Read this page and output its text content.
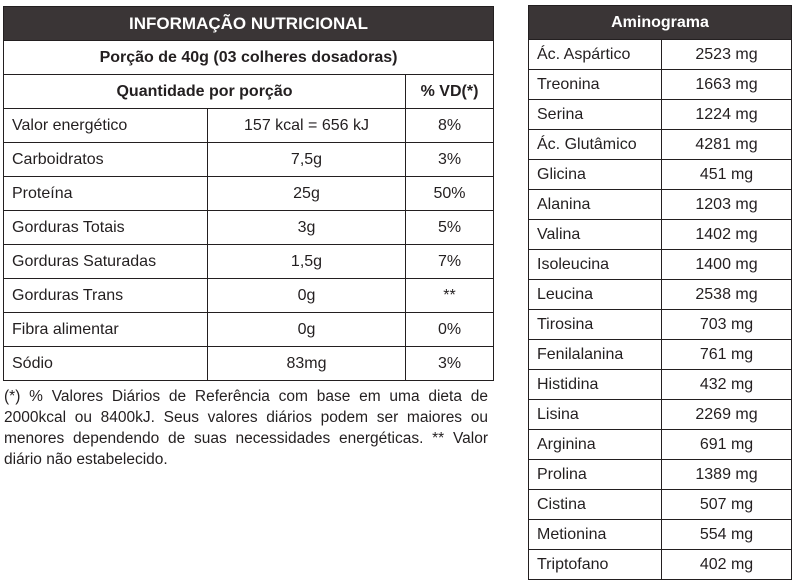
INFORMAÇÃO NUTRICIONAL		
Porção de 40g (03 colheres dosadoras)		
Quantidade por porção		% VD(*)
Valor energético	157 kcal = 656 kJ	8%
Carboidratos	7,5g	3%
Proteína	25g	50%
Gorduras Totais	3g	5%
Gorduras Saturadas	1,5g	7%
Gorduras Trans	0g	**
Fibra alimentar	0g	0%
Sódio	83mg	3%

(*) % Valores Diários de Referência com base em uma dieta de 2000kcal ou 8400kJ. Seus valores diários podem ser maiores ou menores dependendo de suas necessidades energéticas. ** Valor diário não estabelecido.

Aminograma	
Ác. Aspártico	2523 mg
Treonina	1663 mg
Serina	1224 mg
Ác. Glutâmico	4281 mg
Glicina	451 mg
Alanina	1203 mg
Valina	1402 mg
Isoleucina	1400 mg
Leucina	2538 mg
Tirosina	703 mg
Fenilalanina	761 mg
Histidina	432 mg
Lisina	2269 mg
Arginina	691 mg
Prolina	1389 mg
Cistina	507 mg
Metionina	554 mg
Triptofano	402 mg
